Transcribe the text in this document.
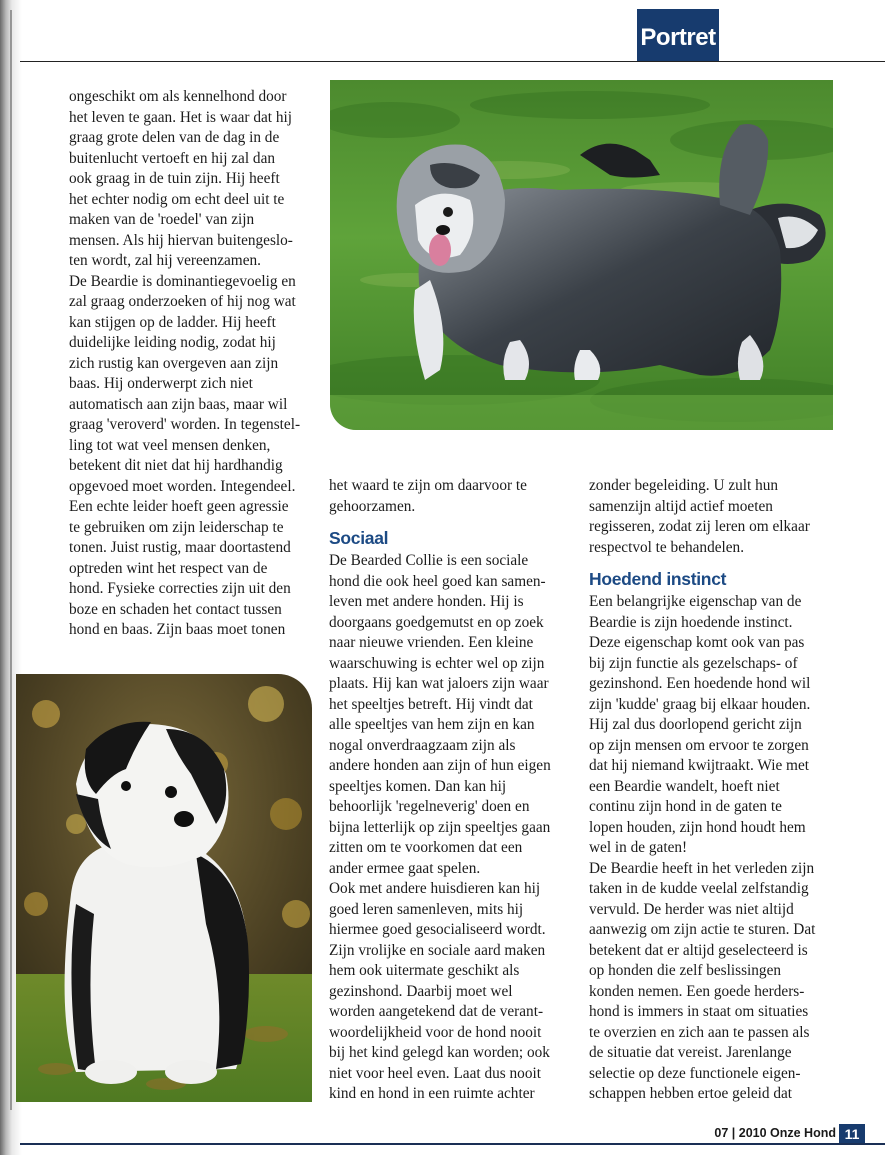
Portret

ongeschikt om als kennelhond door

het leven te gaan. Het is waar dat hij

graag grote delen van de dag in de

buitenlucht vertoeft en hij zal dan

ook graag in de tuin zijn. Hij heeft

het echter nodig om echt deel uit te

maken van de 'roedel' van zijn

mensen. Als hij hiervan buitengeslo-

ten wordt, zal hij vereenzamen.

De Beardie is dominantiegevoelig en

zal graag onderzoeken of hij nog wat

kan stijgen op de ladder. Hij heeft

duidelijke leiding nodig, zodat hij

zich rustig kan overgeven aan zijn

baas. Hij onderwerpt zich niet

automatisch aan zijn baas, maar wil

graag 'veroverd' worden. In tegenstel-

ling tot wat veel mensen denken,

betekent dit niet dat hij hardhandig

opgevoed moet worden. Integendeel.

Een echte leider hoeft geen agressie

te gebruiken om zijn leiderschap te

tonen. Juist rustig, maar doortastend

optreden wint het respect van de

hond. Fysieke correcties zijn uit den

boze en schaden het contact tussen

hond en baas. Zijn baas moet tonen

het waard te zijn om daarvoor te

gehoorzamen.

Sociaal

De Bearded Collie is een sociale

hond die ook heel goed kan samen-

leven met andere honden. Hij is

doorgaans goedgemutst en op zoek

naar nieuwe vrienden. Een kleine

waarschuwing is echter wel op zijn

plaats. Hij kan wat jaloers zijn waar

het speeltjes betreft. Hij vindt dat

alle speeltjes van hem zijn en kan

nogal onverdraagzaam zijn als

andere honden aan zijn of hun eigen

speeltjes komen. Dan kan hij

behoorlijk 'regelneverig' doen en

bijna letterlijk op zijn speeltjes gaan

zitten om te voorkomen dat een

ander ermee gaat spelen.

Ook met andere huisdieren kan hij

goed leren samenleven, mits hij

hiermee goed gesocialiseerd wordt.

Zijn vrolijke en sociale aard maken

hem ook uitermate geschikt als

gezinshond. Daarbij moet wel

worden aangetekend dat de verant-

woordelijkheid voor de hond nooit

bij het kind gelegd kan worden; ook

niet voor heel even. Laat dus nooit

kind en hond in een ruimte achter

zonder begeleiding. U zult hun

samenzijn altijd actief moeten

regisseren, zodat zij leren om elkaar

respectvol te behandelen.

Hoedend instinct

Een belangrijke eigenschap van de

Beardie is zijn hoedende instinct.

Deze eigenschap komt ook van pas

bij zijn functie als gezelschaps- of

gezinshond. Een hoedende hond wil

zijn 'kudde' graag bij elkaar houden.

Hij zal dus doorlopend gericht zijn

op zijn mensen om ervoor te zorgen

dat hij niemand kwijtraakt. Wie met

een Beardie wandelt, hoeft niet

continu zijn hond in de gaten te

lopen houden, zijn hond houdt hem

wel in de gaten!

De Beardie heeft in het verleden zijn

taken in de kudde veelal zelfstandig

vervuld. De herder was niet altijd

aanwezig om zijn actie te sturen. Dat

betekent dat er altijd geselecteerd is

op honden die zelf beslissingen

konden nemen. Een goede herders-

hond is immers in staat om situaties

te overzien en zich aan te passen als

de situatie dat vereist. Jarenlange

selectie op deze functionele eigen-

schappen hebben ertoe geleid dat

07 | 2010 Onze Hond 11
